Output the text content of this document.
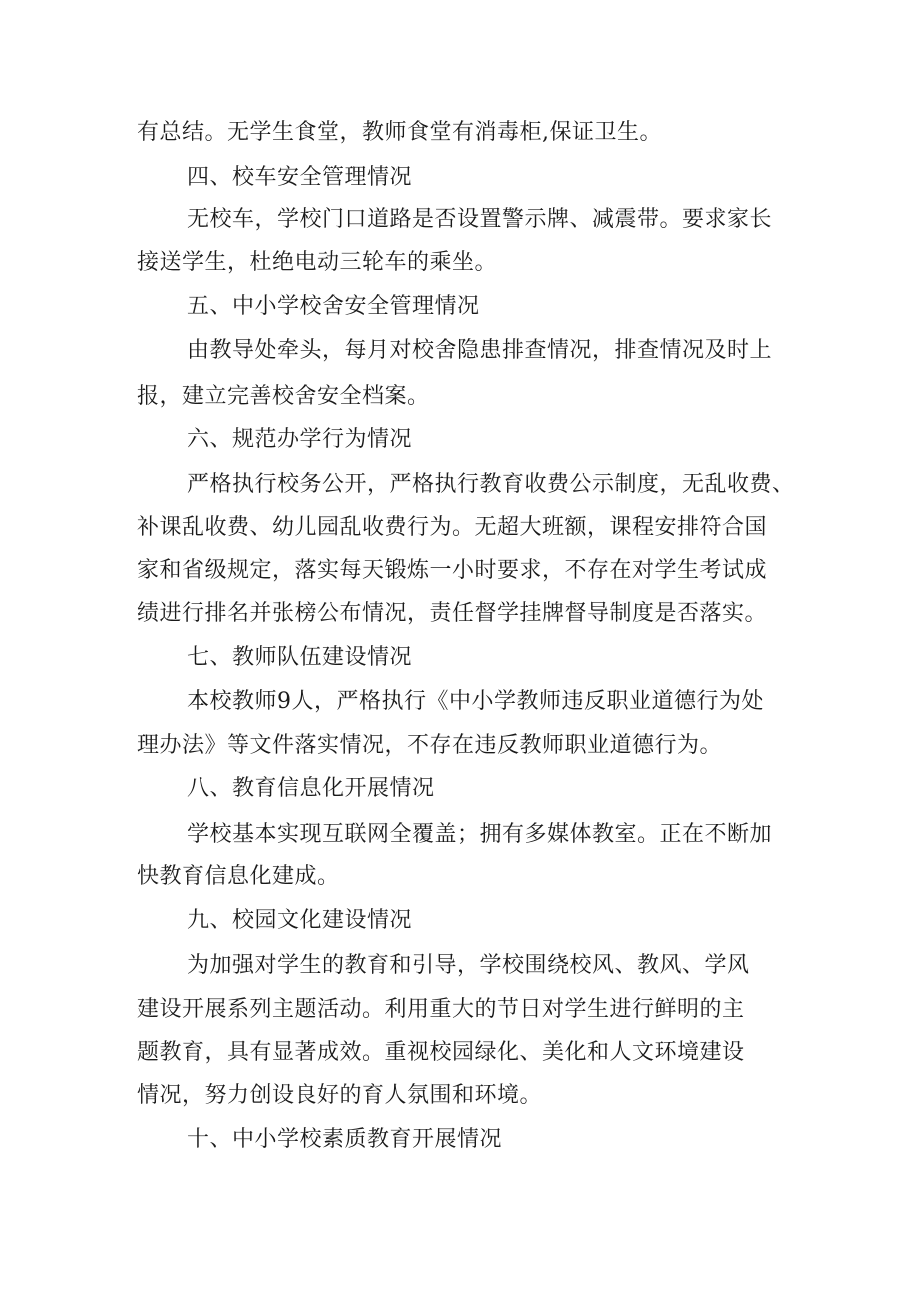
有总结。无学生食堂，教师食堂有消毒柜,保证卫生。
四、校车安全管理情况
无校车，学校门口道路是否设置警示牌、减震带。要求家长
接送学生，杜绝电动三轮车的乘坐。
五、中小学校舍安全管理情况
由教导处牵头，每月对校舍隐患排查情况，排查情况及时上
报，建立完善校舍安全档案。
六、规范办学行为情况
严格执行校务公开，严格执行教育收费公示制度，无乱收费、
补课乱收费、幼儿园乱收费行为。无超大班额，课程安排符合国
家和省级规定，落实每天锻炼一小时要求，不存在对学生考试成
绩进行排名并张榜公布情况，责任督学挂牌督导制度是否落实。
七、教师队伍建设情况
本校教师9人，严格执行《中小学教师违反职业道德行为处
理办法》等文件落实情况，不存在违反教师职业道德行为。
八、教育信息化开展情况
学校基本实现互联网全覆盖；拥有多媒体教室。正在不断加
快教育信息化建成。
九、校园文化建设情况
为加强对学生的教育和引导，学校围绕校风、教风、学风
建设开展系列主题活动。利用重大的节日对学生进行鲜明的主
题教育，具有显著成效。重视校园绿化、美化和人文环境建设
情况，努力创设良好的育人氛围和环境。
十、中小学校素质教育开展情况
